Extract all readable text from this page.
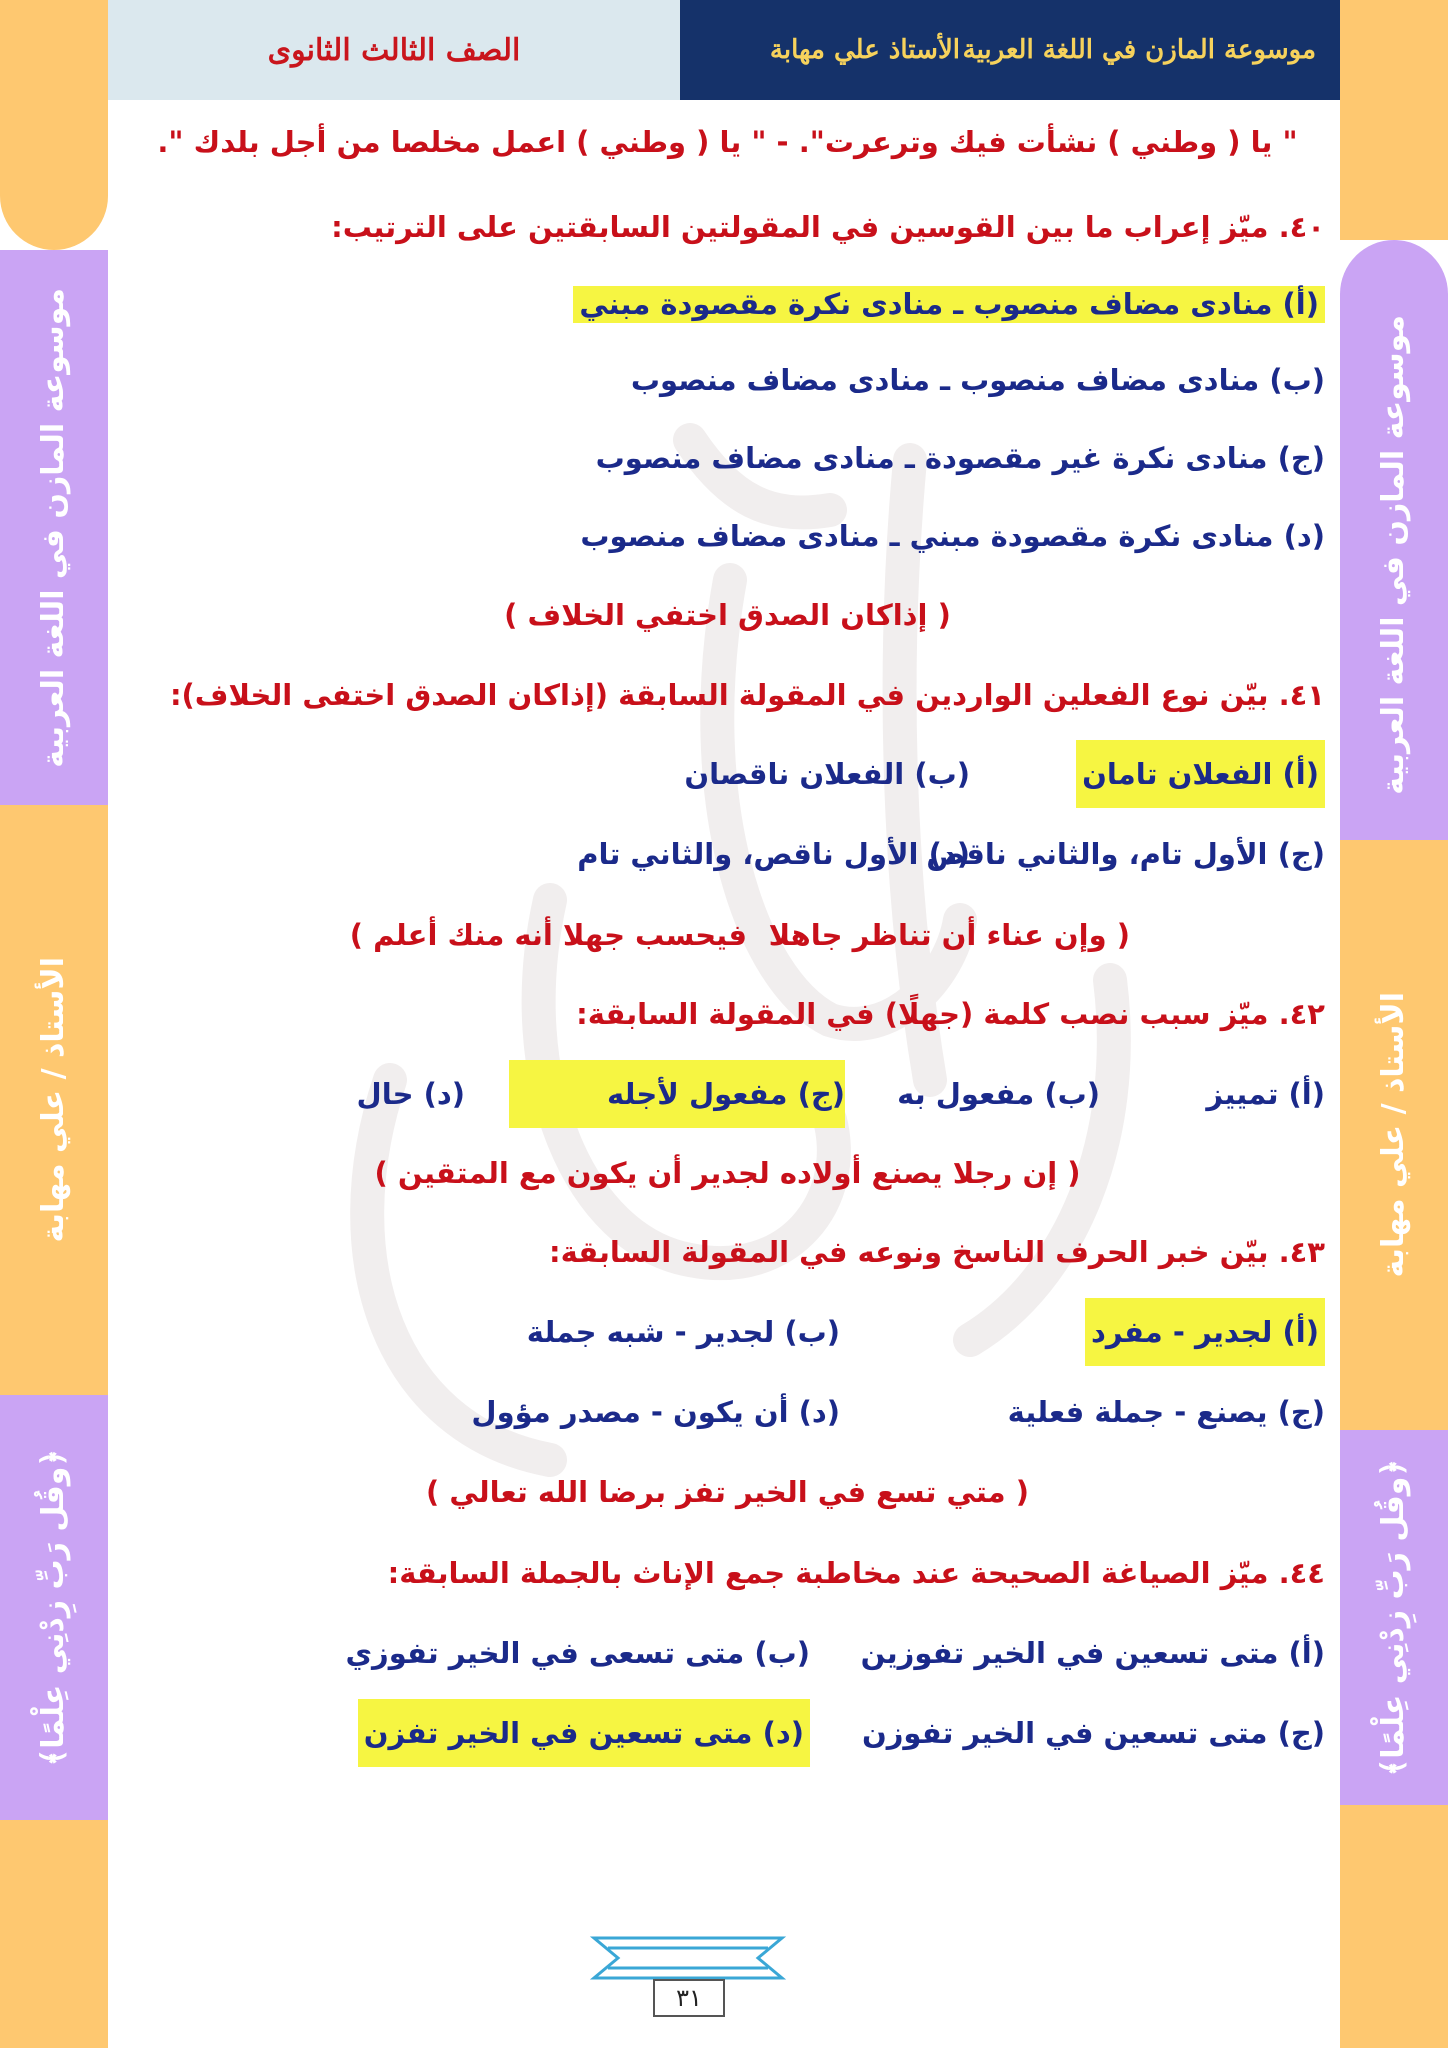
موسوعة المازن في اللغة العربية
الأستاذ / علي مهابة
﴿وقُل رَبِّ زِدْنِي عِلْمًا﴾
موسوعة المازن في اللغة العربية
الأستاذ / علي مهابة
﴿وقُل رَبِّ زِدْنِي عِلْمًا﴾
الصف الثالث الثانوى	موسوعة المازن في اللغة العربية
الأستاذ علي مهابة
" يا ( وطني ) نشأت فيك وترعرت". - " يا ( وطني ) اعمل مخلصا من أجل بلدك ".
٤٠. ميّز إعراب ما بين القوسين في المقولتين السابقتين على الترتيب:
(أ) منادى مضاف منصوب ـ منادى نكرة مقصودة مبني
(ب) منادى مضاف منصوب ـ منادى مضاف منصوب
(ج) منادى نكرة غير مقصودة ـ منادى مضاف منصوب
(د) منادى نكرة مقصودة مبني ـ منادى مضاف منصوب
( إذاكان الصدق اختفي الخلاف )
٤١. بيّن نوع الفعلين الواردين في المقولة السابقة (إذاكان الصدق اختفى الخلاف):
(أ) الفعلان تامان
(ب) الفعلان ناقصان
(ج) الأول تام، والثاني ناقص
(د) الأول ناقص، والثاني تام
( وإن عناء أن تناظر جاهلا
فيحسب جهلا أنه منك أعلم )
٤٢. ميّز سبب نصب كلمة (جهلًا) في المقولة السابقة:
(أ) تمييز
(ب) مفعول به
(ج) مفعول لأجله
(د) حال
( إن رجلا يصنع أولاده لجدير أن يكون مع المتقين )
٤٣. بيّن خبر الحرف الناسخ ونوعه في المقولة السابقة:
(أ) لجدير - مفرد
(ب) لجدير - شبه جملة
(ج) يصنع - جملة فعلية
(د) أن يكون - مصدر مؤول
( متي تسع في الخير تفز برضا الله تعالي )
٤٤. ميّز الصياغة الصحيحة عند مخاطبة جمع الإناث بالجملة السابقة:
(أ) متى تسعين في الخير تفوزين
(ب) متى تسعى في الخير تفوزي
(ج) متى تسعين في الخير تفوزن
(د) متى تسعين في الخير تفزن
٣١
